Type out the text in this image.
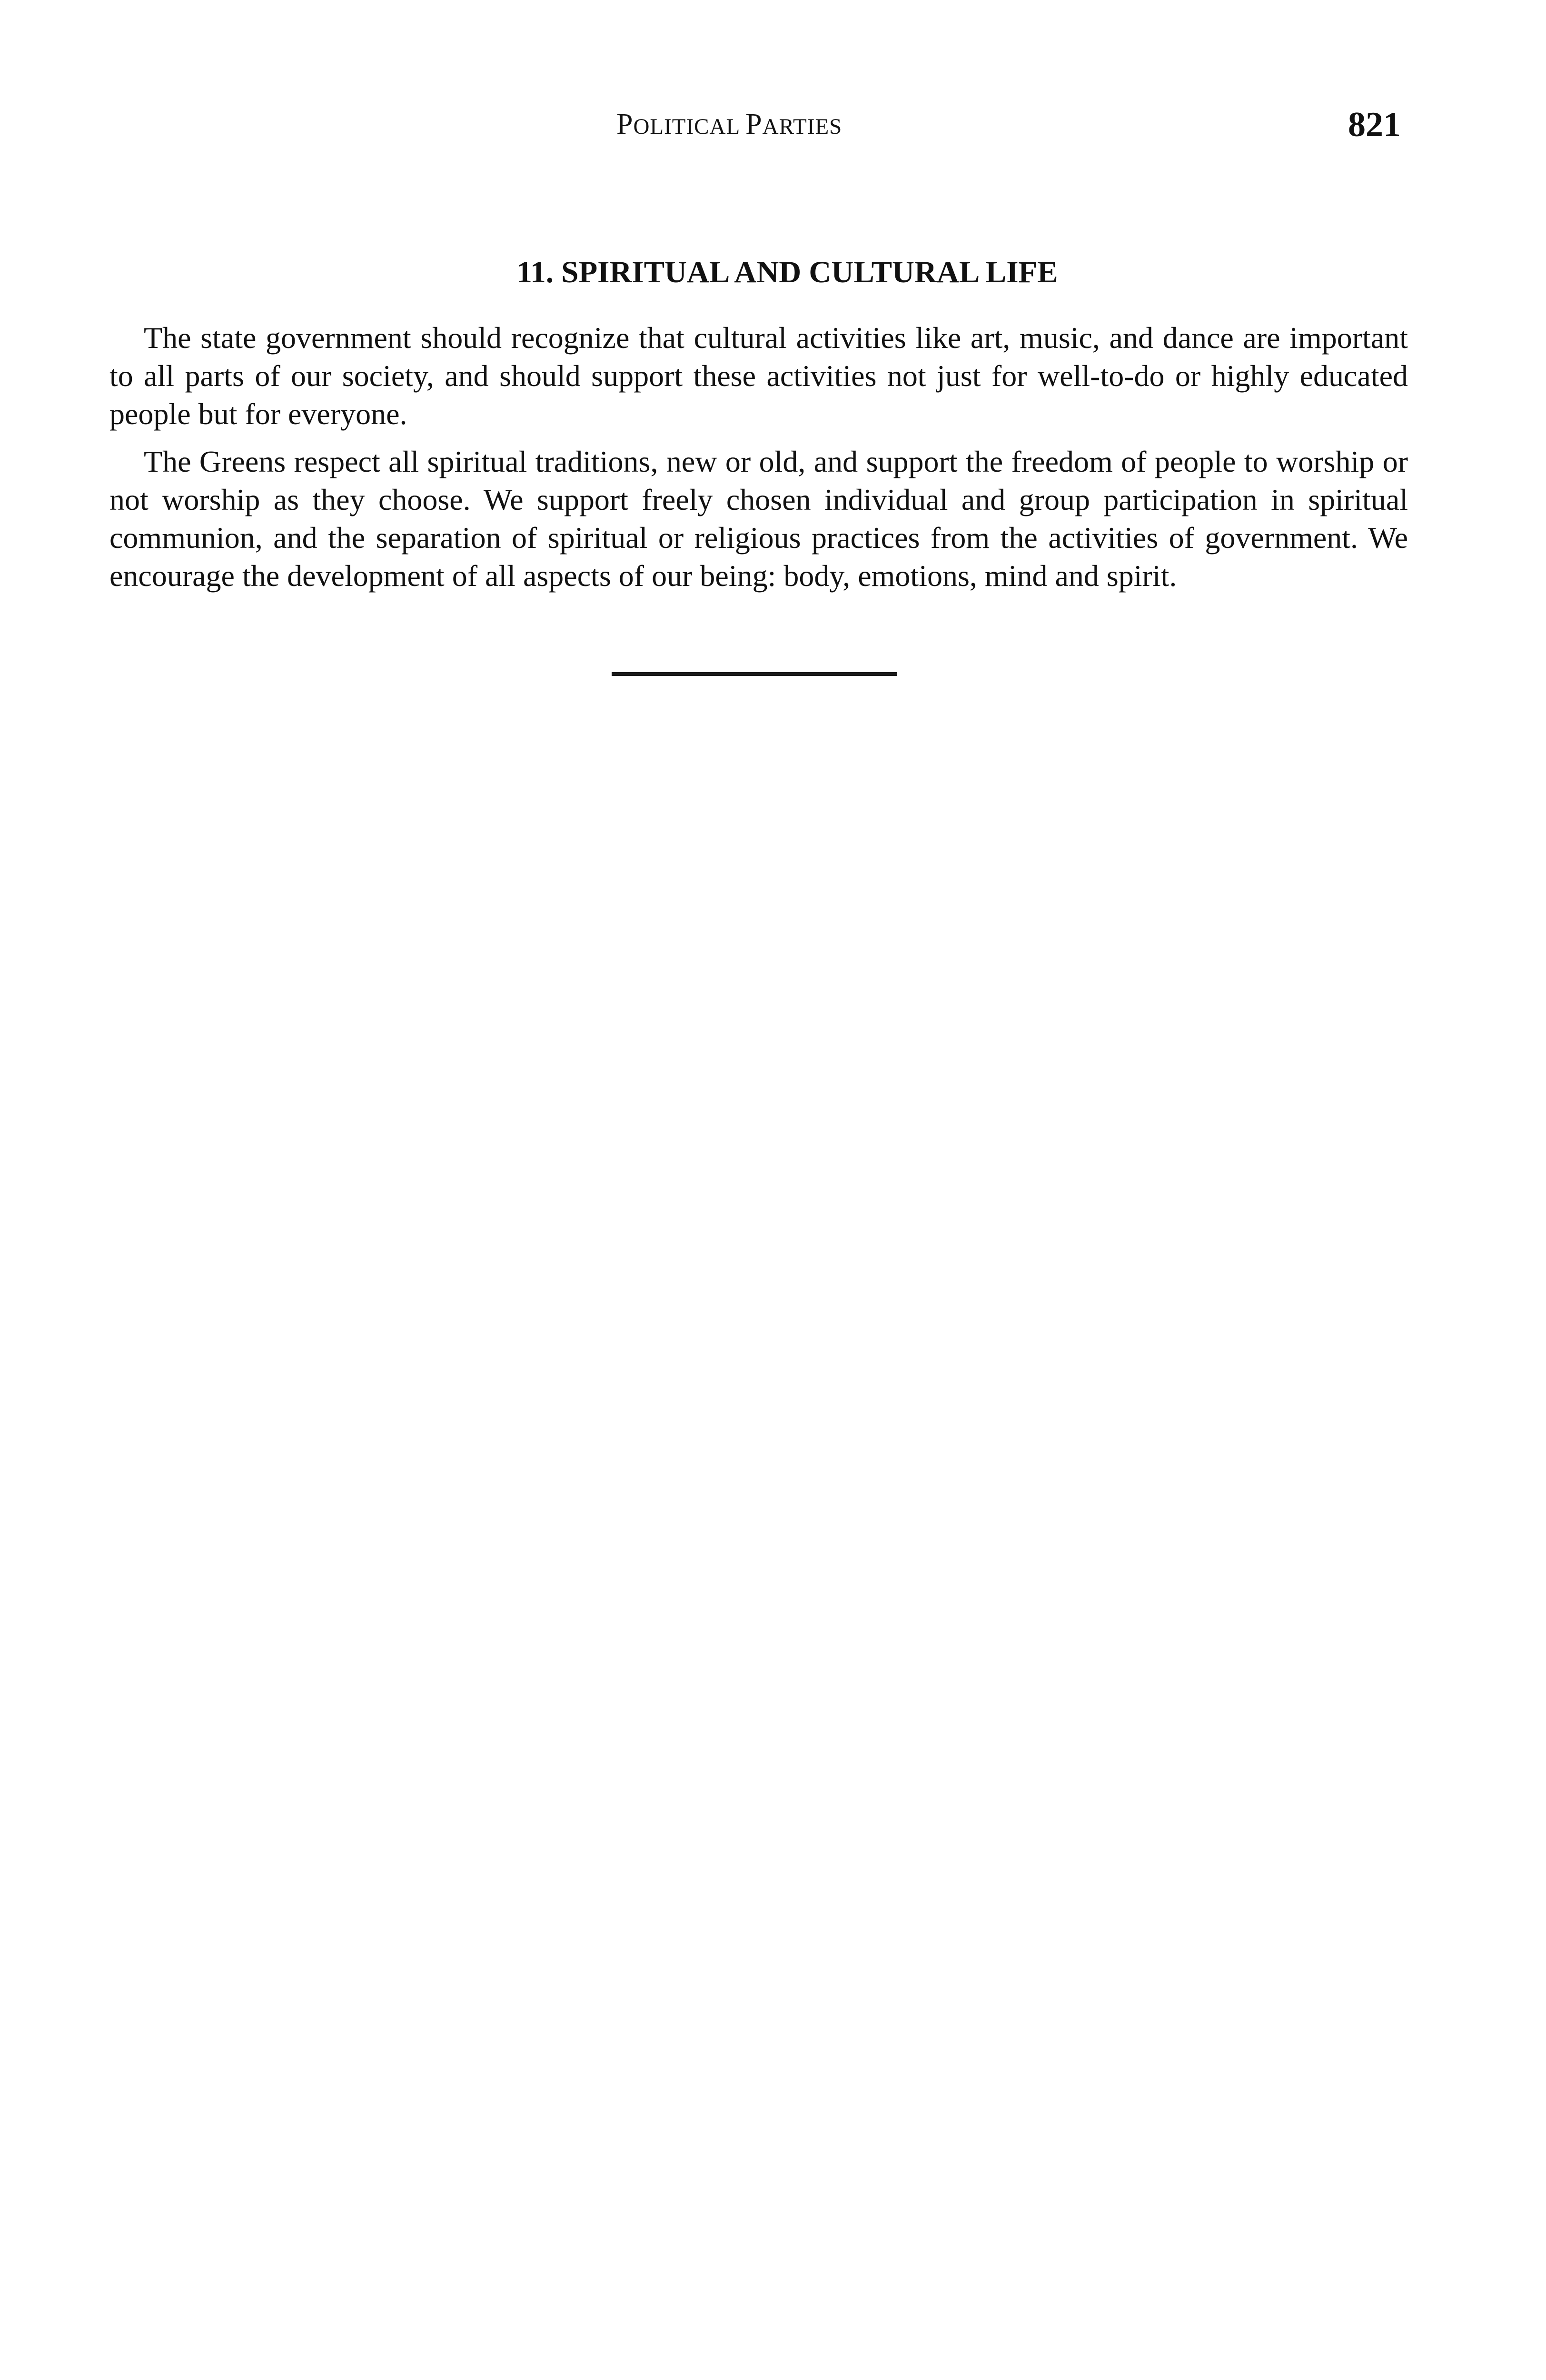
POLITICAL PARTIES	821
11. SPIRITUAL AND CULTURAL LIFE

The state government should recognize that cultural activities like art, music, and dance are important to all parts of our society, and should support these activities not just for well-to-do or highly educated people but for everyone.

The Greens respect all spiritual traditions, new or old, and support the freedom of people to worship or not worship as they choose. We support freely chosen individual and group participation in spiritual communion, and the separation of spiritual or religious practices from the activities of government. We encourage the development of all aspects of our being: body, emotions, mind and spirit.
